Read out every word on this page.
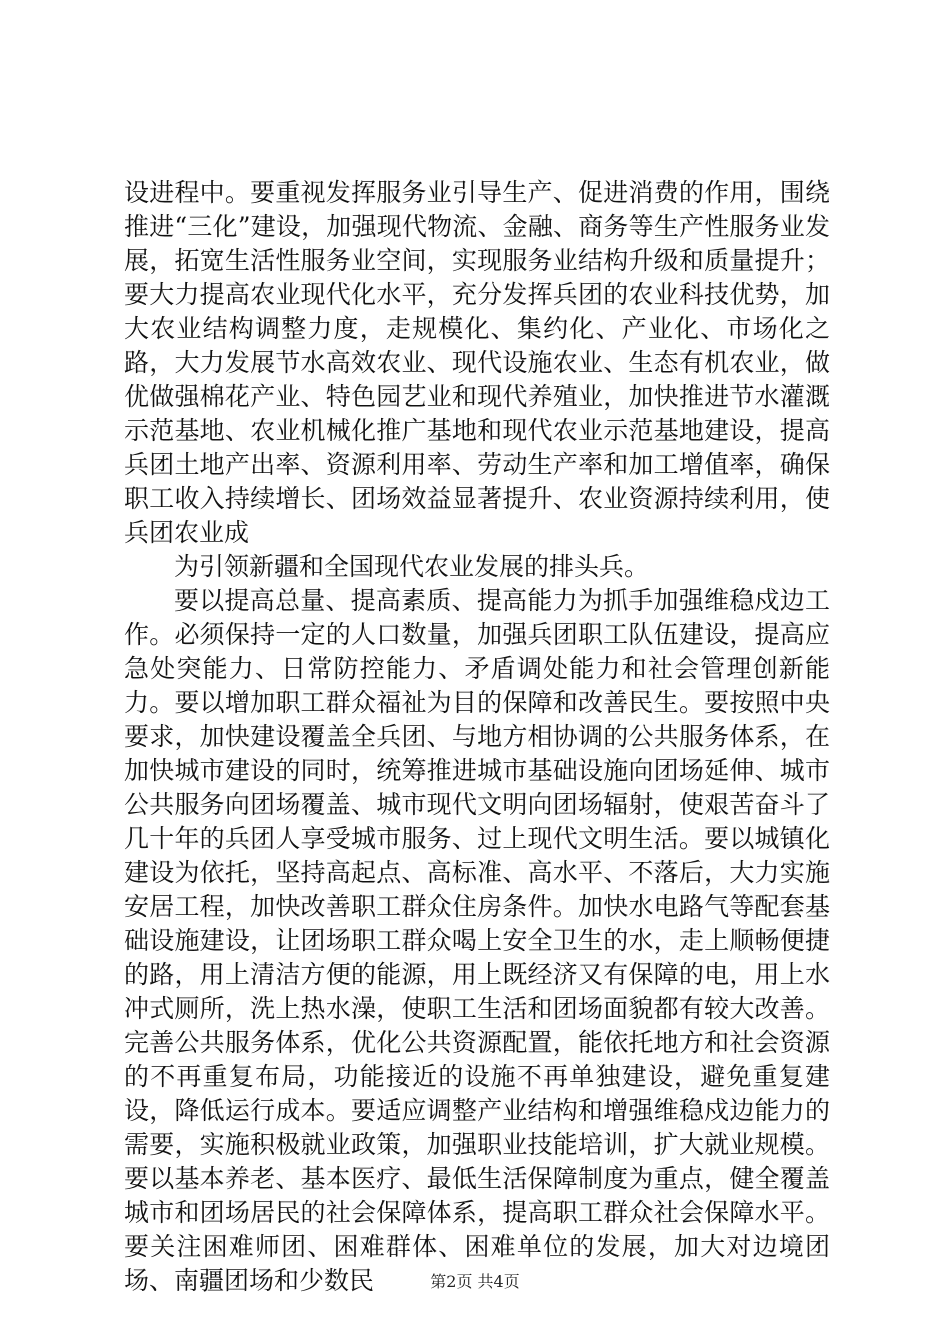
设进程中。要重视发挥服务业引导生产、促进消费的作用，围绕推进“三化”建设，加强现代物流、金融、商务等生产性服务业发展，拓宽生活性服务业空间，实现服务业结构升级和质量提升；要大力提高农业现代化水平，充分发挥兵团的农业科技优势，加大农业结构调整力度，走规模化、集约化、产业化、市场化之路，大力发展节水高效农业、现代设施农业、生态有机农业，做优做强棉花产业、特色园艺业和现代养殖业，加快推进节水灌溉示范基地、农业机械化推广基地和现代农业示范基地建设，提高兵团土地产出率、资源利用率、劳动生产率和加工增值率，确保职工收入持续增长、团场效益显著提升、农业资源持续利用，使兵团农业成

为引领新疆和全国现代农业发展的排头兵。

要以提高总量、提高素质、提高能力为抓手加强维稳戍边工作。必须保持一定的人口数量，加强兵团职工队伍建设，提高应急处突能力、日常防控能力、矛盾调处能力和社会管理创新能力。要以增加职工群众福祉为目的保障和改善民生。要按照中央要求，加快建设覆盖全兵团、与地方相协调的公共服务体系，在加快城市建设的同时，统筹推进城市基础设施向团场延伸、城市公共服务向团场覆盖、城市现代文明向团场辐射，使艰苦奋斗了几十年的兵团人享受城市服务、过上现代文明生活。要以城镇化建设为依托，坚持高起点、高标准、高水平、不落后，大力实施安居工程，加快改善职工群众住房条件。加快水电路气等配套基础设施建设，让团场职工群众喝上安全卫生的水，走上顺畅便捷的路，用上清洁方便的能源，用上既经济又有保障的电，用上水冲式厕所，洗上热水澡，使职工生活和团场面貌都有较大改善。完善公共服务体系，优化公共资源配置，能依托地方和社会资源的不再重复布局，功能接近的设施不再单独建设，避免重复建设，降低运行成本。要适应调整产业结构和增强维稳戍边能力的需要，实施积极就业政策，加强职业技能培训，扩大就业规模。要以基本养老、基本医疗、最低生活保障制度为重点，健全覆盖城市和团场居民的社会保障体系，提高职工群众社会保障水平。要关注困难师团、困难群体、困难单位的发展，加大对边境团场、南疆团场和少数民	第2页 共4页
